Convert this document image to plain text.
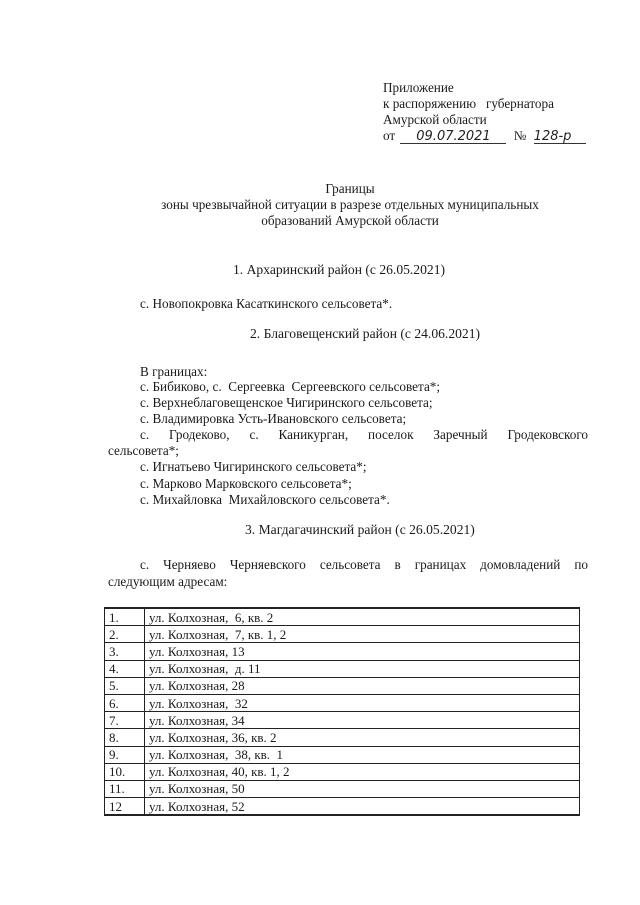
Приложение
к распоряжению   губернатора
Амурской области
от 09.07.2021 № 128-р
Границы
зоны чрезвычайной ситуации в разрезе отдельных муниципальных
образований Амурской области
1. Архаринский район (с 26.05.2021)
с. Новопокровка Касаткинского сельсовета*.
2. Благовещенский район (с 24.06.2021)
В границах:
с. Бибиково, с.  Сергеевка  Сергеевского сельсовета*;
с. Верхнеблаговещенское Чигиринского сельсовета;
с. Владимировка Усть-Ивановского сельсовета;
с. Гродеково, с. Каникурган, поселок Заречный Гродековского
сельсовета*;
с. Игнатьево Чигиринского сельсовета*;
с. Марково Марковского сельсовета*;
с. Михайловка  Михайловского сельсовета*.
3. Магдагачинский район (с 26.05.2021)
с. Черняево Черняевского сельсовета в границах домовладений по
следующим адресам:
1.	ул. Колхозная,  6, кв. 2
2.	ул. Колхозная,  7, кв. 1, 2
3.	ул. Колхозная, 13
4.	ул. Колхозная,  д. 11
5.	ул. Колхозная, 28
6.	ул. Колхозная,  32
7.	ул. Колхозная, 34
8.	ул. Колхозная, 36, кв. 2
9.	ул. Колхозная,  38, кв.  1
10.	ул. Колхозная, 40, кв. 1, 2
11.	ул. Колхозная, 50
12	ул. Колхозная, 52
